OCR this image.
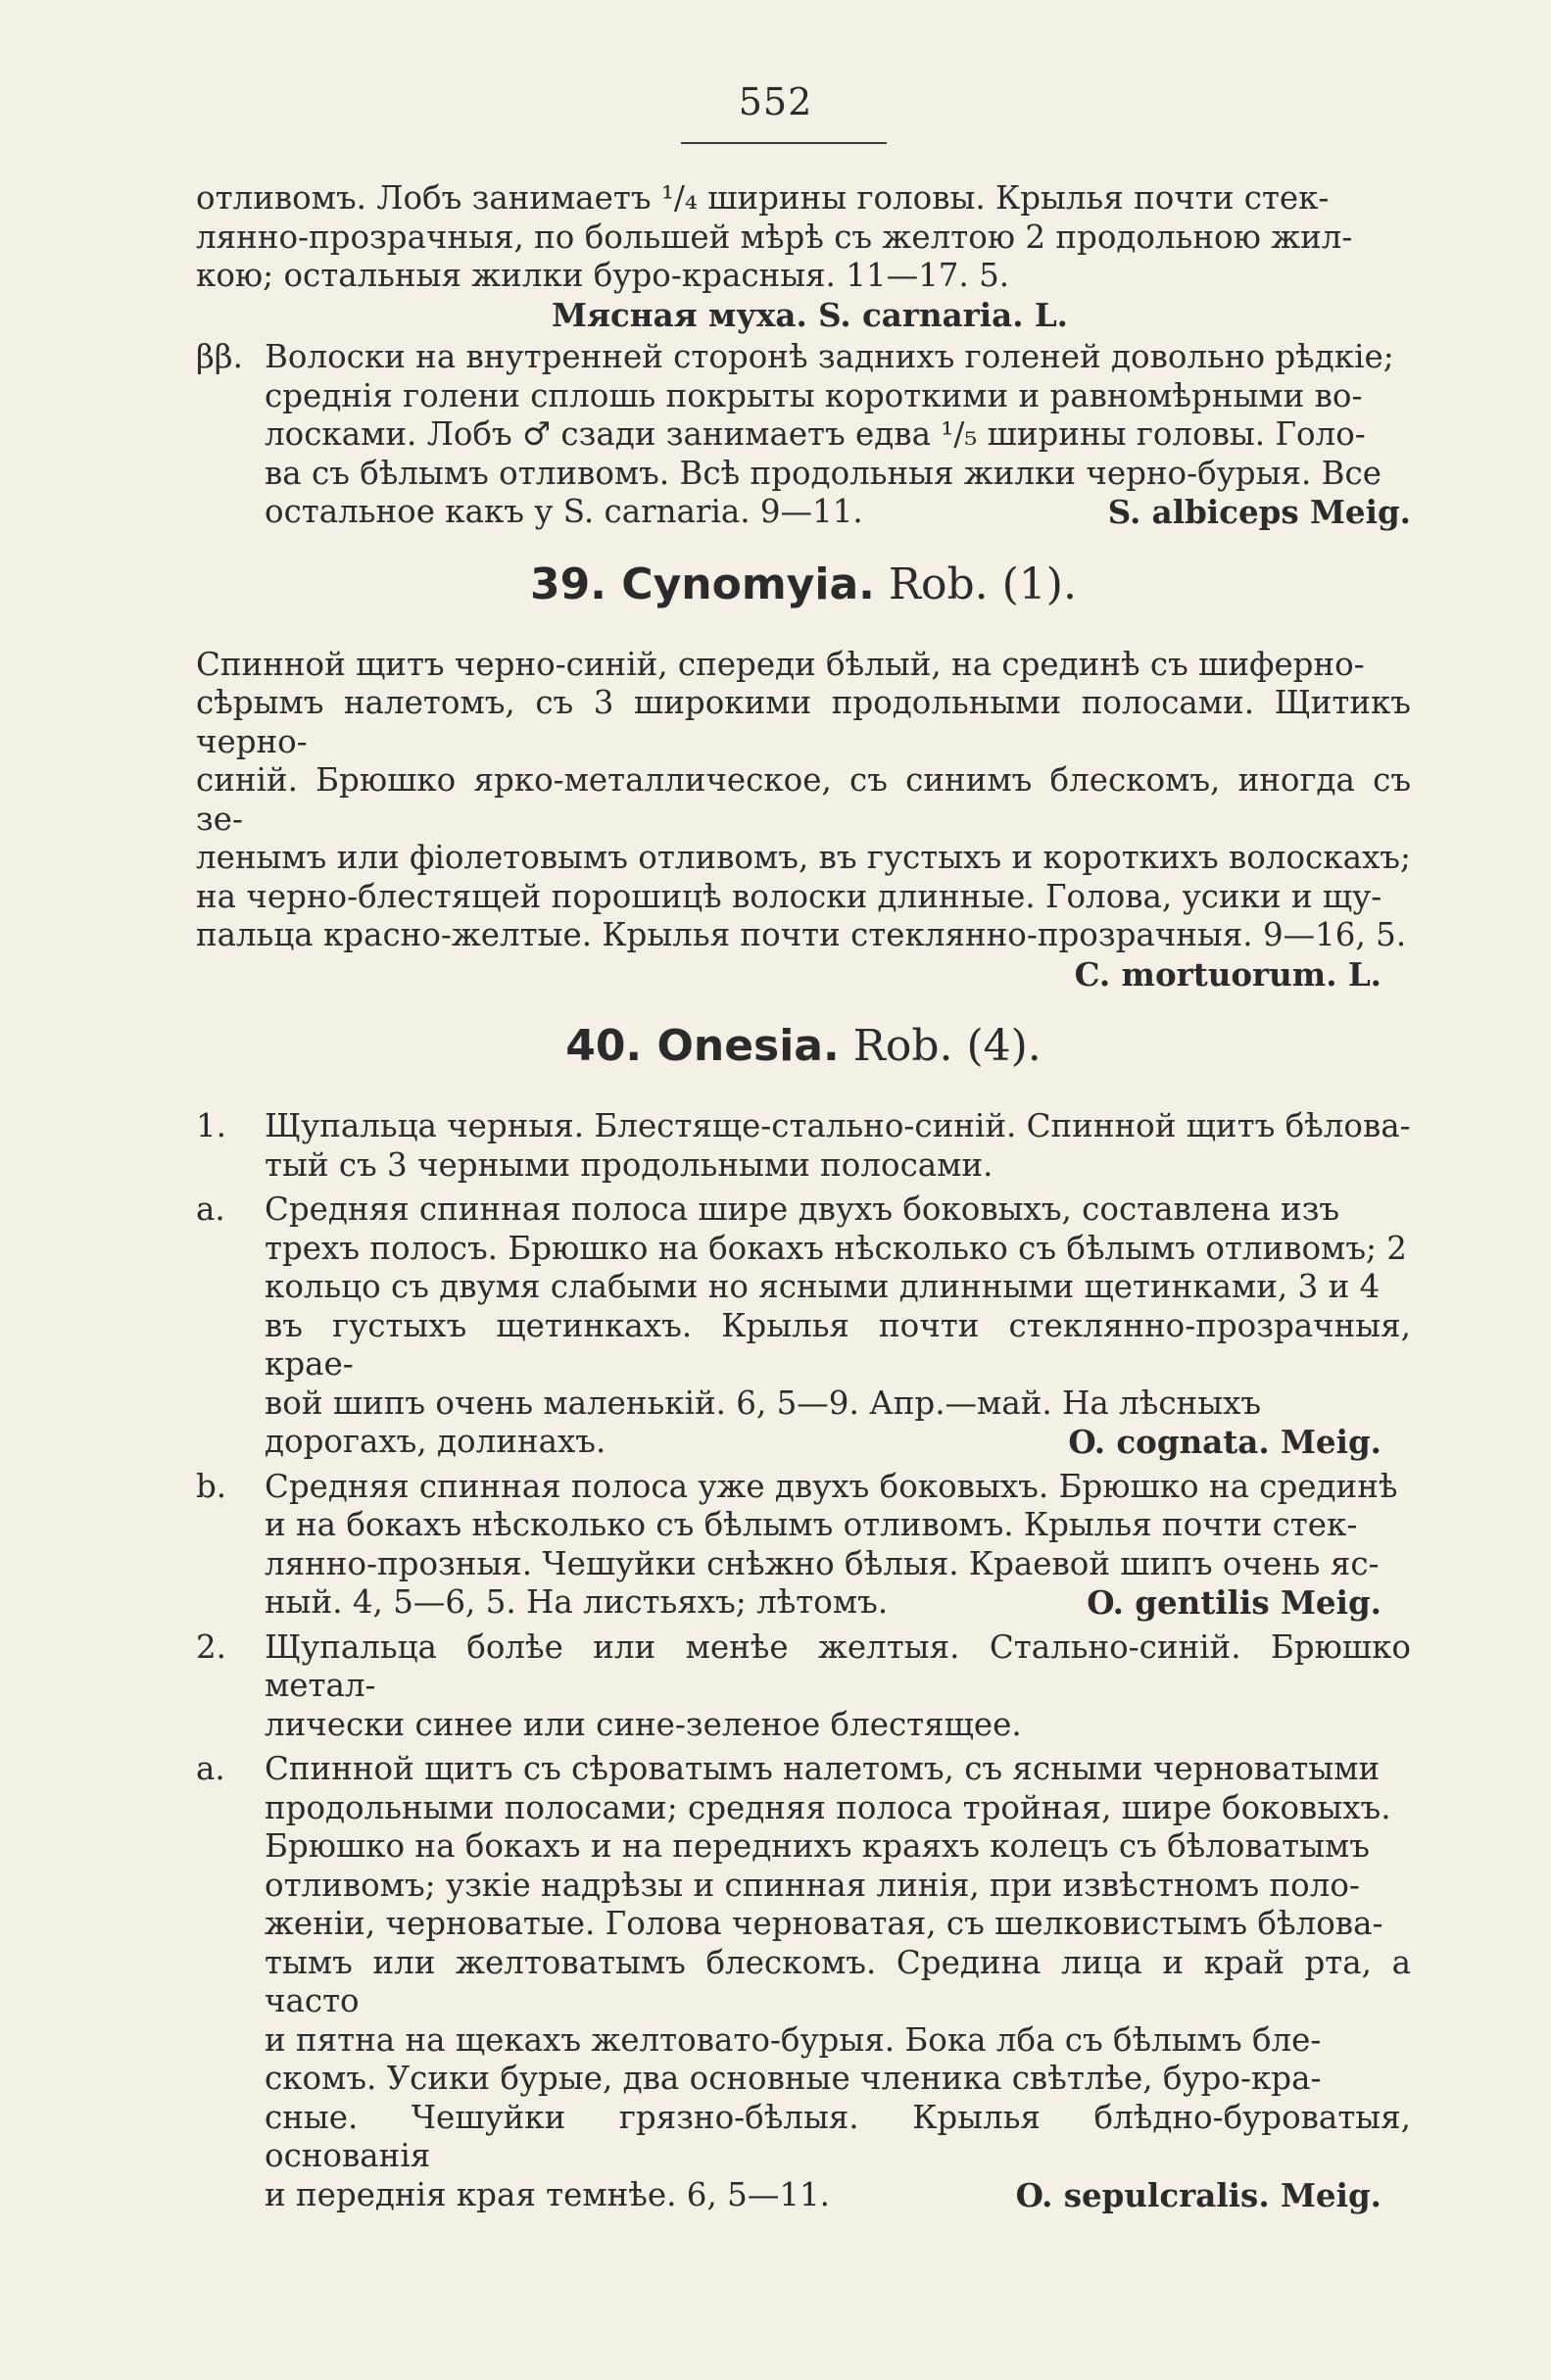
552
отливомъ. Лобъ занимаетъ ¹/₄ ширины головы. Крылья почти стек-
лянно-прозрачныя, по большей мѣрѣ съ желтою 2 продольною жил-
кою; остальныя жилки буро-красныя. 11—17. 5.
Мясная муха. S. carnaria. L.
ββ. Волоски на внутренней сторонѣ заднихъ голеней довольно рѣдкіе;
среднія голени сплошь покрыты короткими и равномѣрными во-
лосками. Лобъ ♂ сзади занимаетъ едва ¹/₅ ширины головы. Голо-
ва съ бѣлымъ отливомъ. Всѣ продольныя жилки черно-бурыя. Все
остальное какъ у S. carnaria. 9—11.	S. albiceps Meig.
39. Cynomyia. Rob. (1).
Спинной щитъ черно-синій, спереди бѣлый, на срединѣ съ шиферно-
сѣрымъ налетомъ, съ 3 широкими продольными полосами. Щитикъ черно-
синій. Брюшко ярко-металлическое, съ синимъ блескомъ, иногда съ зе-
ленымъ или фіолетовымъ отливомъ, въ густыхъ и короткихъ волоскахъ;
на черно-блестящей порошицѣ волоски длинные. Голова, усики и щу-
пальца красно-желтые. Крылья почти стеклянно-прозрачныя. 9—16, 5.
C. mortuorum. L.
40. Onesia. Rob. (4).
1.	Щупальца черныя. Блестяще-стально-синій. Спинной щитъ бѣлова-
тый съ 3 черными продольными полосами.
a.	Средняя спинная полоса шире двухъ боковыхъ, составлена изъ
трехъ полосъ. Брюшко на бокахъ нѣсколько съ бѣлымъ отливомъ; 2
кольцо съ двумя слабыми но ясными длинными щетинками, 3 и 4
въ густыхъ щетинкахъ. Крылья почти стеклянно-прозрачныя, крае-
вой шипъ очень маленькій. 6, 5—9. Апр.—май. На лѣсныхъ
дорогахъ, долинахъ.	O. cognata. Meig.
b.	Средняя спинная полоса уже двухъ боковыхъ. Брюшко на срединѣ
и на бокахъ нѣсколько съ бѣлымъ отливомъ. Крылья почти стек-
лянно-прозныя. Чешуйки снѣжно бѣлыя. Краевой шипъ очень яс-
ный. 4, 5—6, 5. На листьяхъ; лѣтомъ.	O. gentilis Meig.
2.	Щупальца болѣе или менѣе желтыя. Стально-синій. Брюшко метал-
лически синее или сине-зеленое блестящее.
a.	Спинной щитъ съ сѣроватымъ налетомъ, съ ясными черноватыми
продольными полосами; средняя полоса тройная, шире боковыхъ.
Брюшко на бокахъ и на переднихъ краяхъ колецъ съ бѣловатымъ
отливомъ; узкіе надрѣзы и спинная линія, при извѣстномъ поло-
женіи, черноватые. Голова черноватая, съ шелковистымъ бѣлова-
тымъ или желтоватымъ блескомъ. Средина лица и край рта, а часто
и пятна на щекахъ желтовато-бурыя. Бока лба съ бѣлымъ бле-
скомъ. Усики бурые, два основные членика свѣтлѣе, буро-кра-
сные. Чешуйки грязно-бѣлыя. Крылья блѣдно-буроватыя, основанія
и переднія края темнѣе. 6, 5—11.	O. sepulcralis. Meig.
